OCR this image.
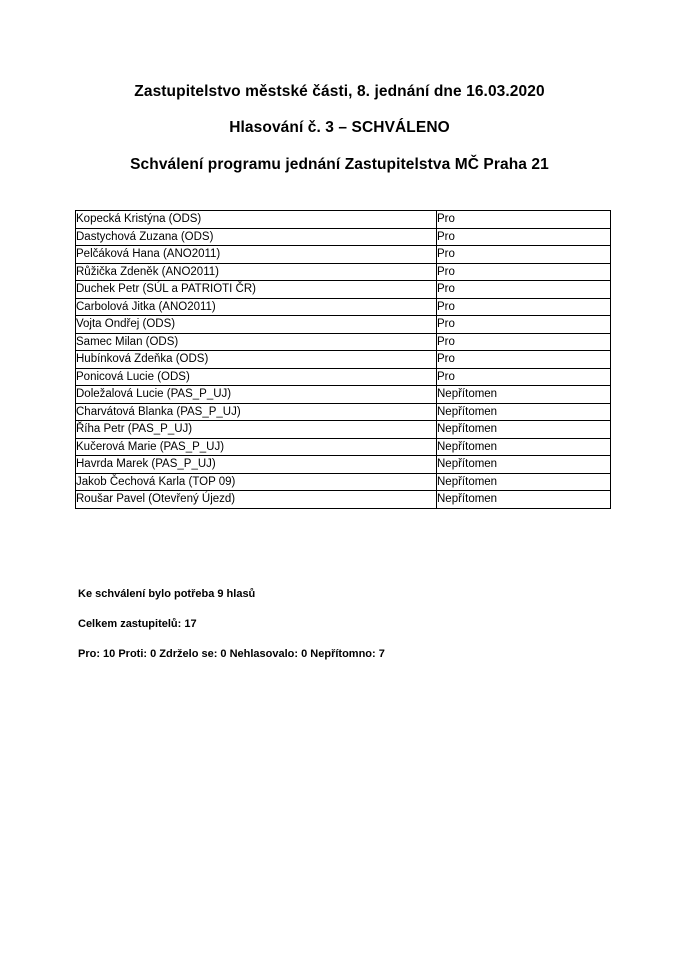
Zastupitelstvo městské části, 8. jednání dne 16.03.2020
Hlasování č. 3 – SCHVÁLENO
Schválení programu jednání Zastupitelstva MČ Praha 21
Kopecká Kristýna (ODS)	Pro
Dastychová Zuzana (ODS)	Pro
Pelčáková Hana (ANO2011)	Pro
Růžička Zdeněk (ANO2011)	Pro
Duchek Petr (SÚL a PATRIOTI ČR)	Pro
Carbolová Jitka (ANO2011)	Pro
Vojta Ondřej (ODS)	Pro
Samec Milan (ODS)	Pro
Hubínková Zdeňka (ODS)	Pro
Ponicová Lucie (ODS)	Pro
Doležalová Lucie (PAS_P_UJ)	Nepřítomen
Charvátová Blanka (PAS_P_UJ)	Nepřítomen
Říha Petr (PAS_P_UJ)	Nepřítomen
Kučerová Marie (PAS_P_UJ)	Nepřítomen
Havrda Marek (PAS_P_UJ)	Nepřítomen
Jakob Čechová Karla (TOP 09)	Nepřítomen
Roušar Pavel (Otevřený Újezd)	Nepřítomen
Ke schválení bylo potřeba 9 hlasů
Celkem zastupitelů: 17
Pro: 10 Proti: 0 Zdrželo se: 0 Nehlasovalo: 0 Nepřítomno: 7
